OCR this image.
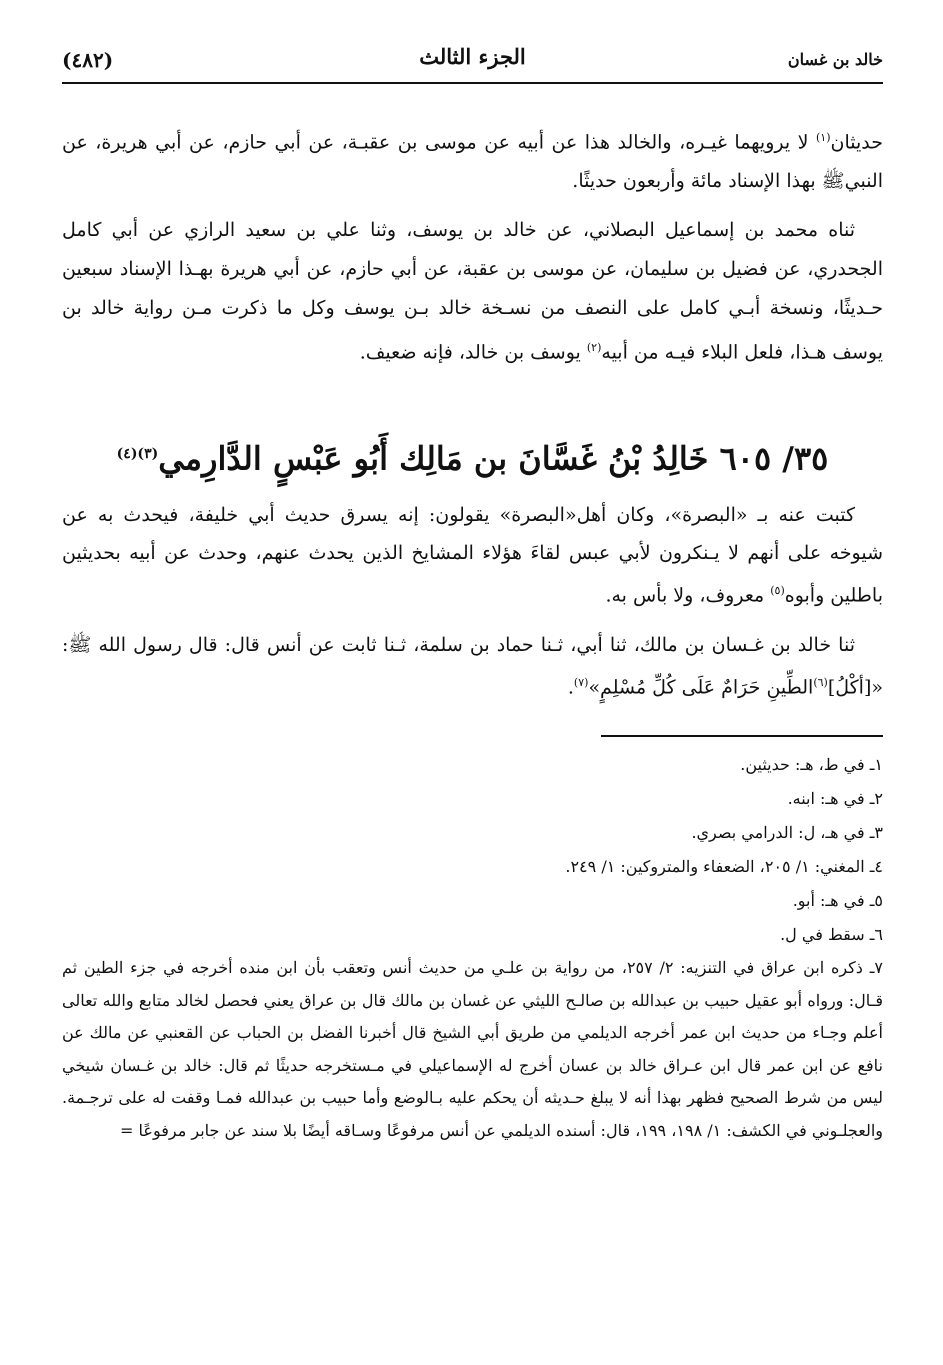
(٤٨٢)	الجزء الثالث	خالد بن غسان

حديثان$^{(١)}$ لا يرويهما غيـره، والخالد هذا عن أبيه عن موسى بن عقبـة، عن أبي حازم، عن أبي هريرة، عن النبيﷺ بهذا الإسناد مائة وأربعون حديثًا.

ثناه محمد بن إسماعيل البصلاني، عن خالد بن يوسف، وثنا علي بن سعيد الرازي عن أبي كامل الجحدري، عن فضيل بن سليمان، عن موسى بن عقبة، عن أبي حازم، عن أبي هريرة بهـذا الإسناد سبعين حـديثًا، ونسخة أبـي كامل على النصف من نسـخة خالد بـن يوسف وكل ما ذكرت مـن رواية خالد بن يوسف هـذا، فلعل البلاء فيـه من أبيه$^{(٢)}$ يوسف بن خالد، فإنه ضعيف.

٣٥/ ٦٠٥ خَالِدُ بْنُ غَسَّانَ بن مَالِك أَبُو عَبْسٍ الدَّارِمي$^{(٣)(٤)}$

كتبت عنه بـ «البصرة»، وكان أهل«البصرة» يقولون: إنه يسرق حديث أبي خليفة، فيحدث به عن شيوخه على أنهم لا يـنكرون لأبي عبس لقاءَ هؤلاء المشايخ الذين يحدث عنهم، وحدث عن أبيه بحديثين باطلين وأبوه$^{(٥)}$ معروف، ولا بأس به.

ثنا خالد بن غـسان بن مالك، ثنا أبي، ثـنا حماد بن سلمة، ثـنا ثابت عن أنس قال: قال رسول الله ﷺ: «[أكْلُ]$^{(٦)}$الطِّينِ حَرَامٌ عَلَى كُلِّ مُسْلِمٍ»$^{(٧)}$.

١ـ في ط، هـ: حديثين.

٢ـ في هـ: ابنه.

٣ـ في هـ، ل: الدرامي بصري.

٤ـ المغني: ١/ ٢٠٥، الضعفاء والمتروكين: ١/ ٢٤٩.

٥ـ في هـ: أبو.

٦ـ سقط في ل.

٧ـ ذكره ابن عراق في التنزيه: ٢/ ٢٥٧، من رواية بن علـي من حديث أنس وتعقب بأن ابن منده أخرجه في جزء الطين ثم قـال: ورواه أبو عقيل حبيب بن عبدالله بن صالـح الليثي عن غسان بن مالك قال بن عراق يعني فحصل لخالد متابع والله تعالى أعلم وجـاء من حديث ابن عمر أخرجه الديلمي من طريق أبي الشيخ قال أخبرنا الفضل بن الحباب عن القعنبي عن مالك عن نافع عن ابن عمر قال ابن عـراق خالد بن عسان أخرج له الإسماعيلي في مـستخرجه حديثًا ثم قال: خالد بن غـسان شيخي ليس من شرط الصحيح فظهر بهذا أنه لا يبلغ حـديثه أن يحكم عليه بـالوضع وأما حبيب بن عبدالله فمـا وقفت له على ترجـمة. والعجلـوني في الكشف: ١/ ١٩٨، ١٩٩، قال: أسنده الديلمي عن أنس مرفوعًا وسـاقه أيضًا بلا سند عن جابر مرفوعًا =
